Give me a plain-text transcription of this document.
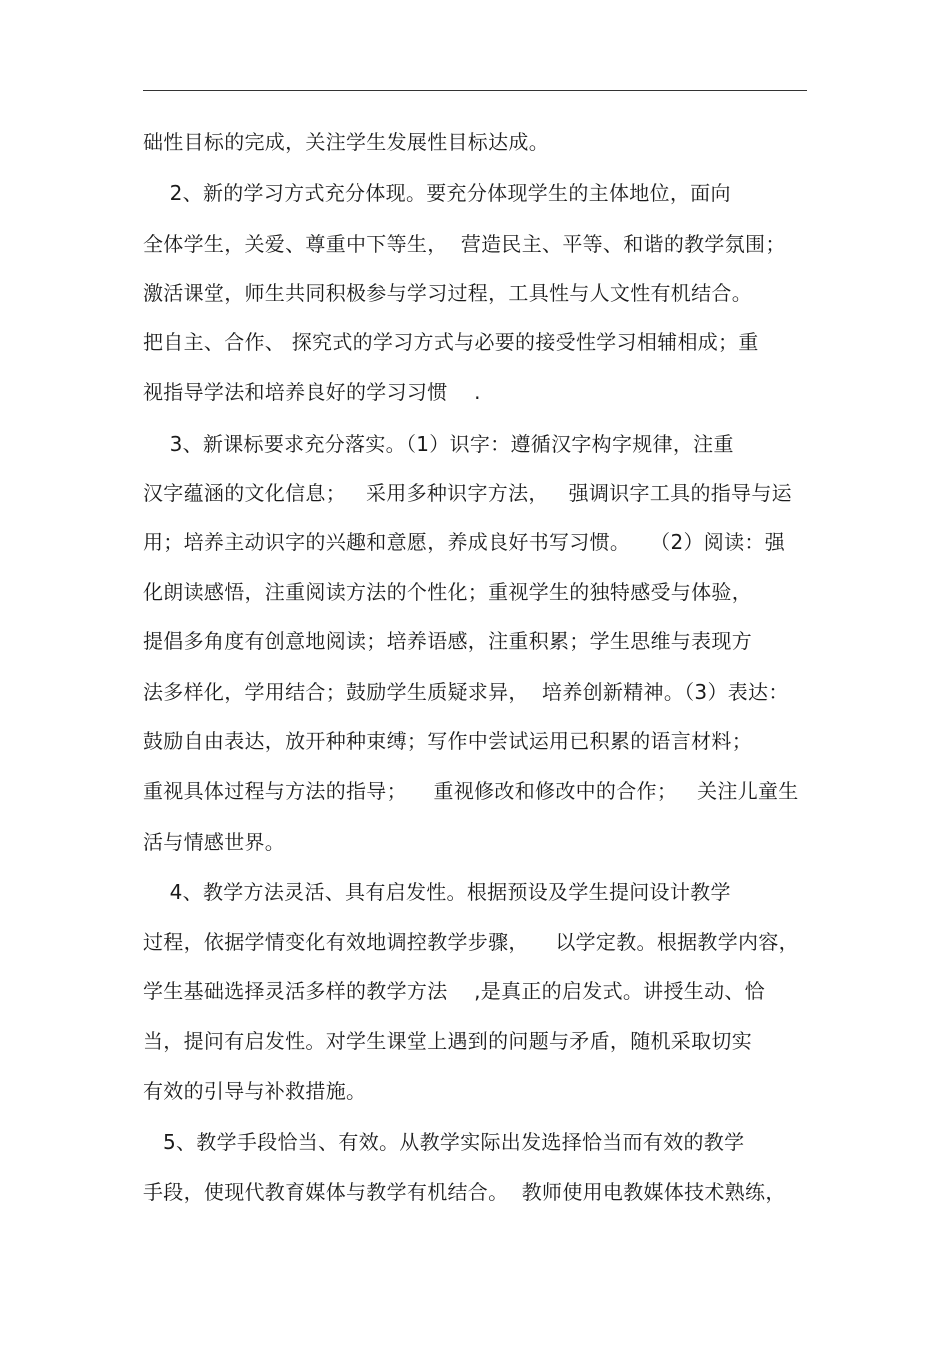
础性目标的完成，关注学生发展性目标达成。
2、新的学习方式充分体现。要充分体现学生的主体地位，面向
全体学生，关爱、尊重中下等生，  营造民主、平等、和谐的教学氛围；
激活课堂，师生共同积极参与学习过程，工具性与人文性有机结合。
把自主、合作、 探究式的学习方式与必要的接受性学习相辅相成；重
视指导学法和培养良好的学习习惯    .
3、新课标要求充分落实。（1）识字：遵循汉字构字规律，注重
汉字蕴涵的文化信息；   采用多种识字方法，   强调识字工具的指导与运
用；培养主动识字的兴趣和意愿，养成良好书写习惯。   （2）阅读：强
化朗读感悟，注重阅读方法的个性化；重视学生的独特感受与体验，
提倡多角度有创意地阅读；培养语感，注重积累；学生思维与表现方
法多样化，学用结合；鼓励学生质疑求异，  培养创新精神。（3）表达：
鼓励自由表达，放开种种束缚；写作中尝试运用已积累的语言材料；
重视具体过程与方法的指导；    重视修改和修改中的合作；   关注儿童生
活与情感世界。
4、教学方法灵活、具有启发性。根据预设及学生提问设计教学
过程，依据学情变化有效地调控教学步骤，    以学定教。根据教学内容，
学生基础选择灵活多样的教学方法    ,是真正的启发式。讲授生动、恰
当，提问有启发性。对学生课堂上遇到的问题与矛盾，随机采取切实
有效的引导与补救措施。
5、教学手段恰当、有效。从教学实际出发选择恰当而有效的教学
手段，使现代教育媒体与教学有机结合。  教师使用电教媒体技术熟练，
